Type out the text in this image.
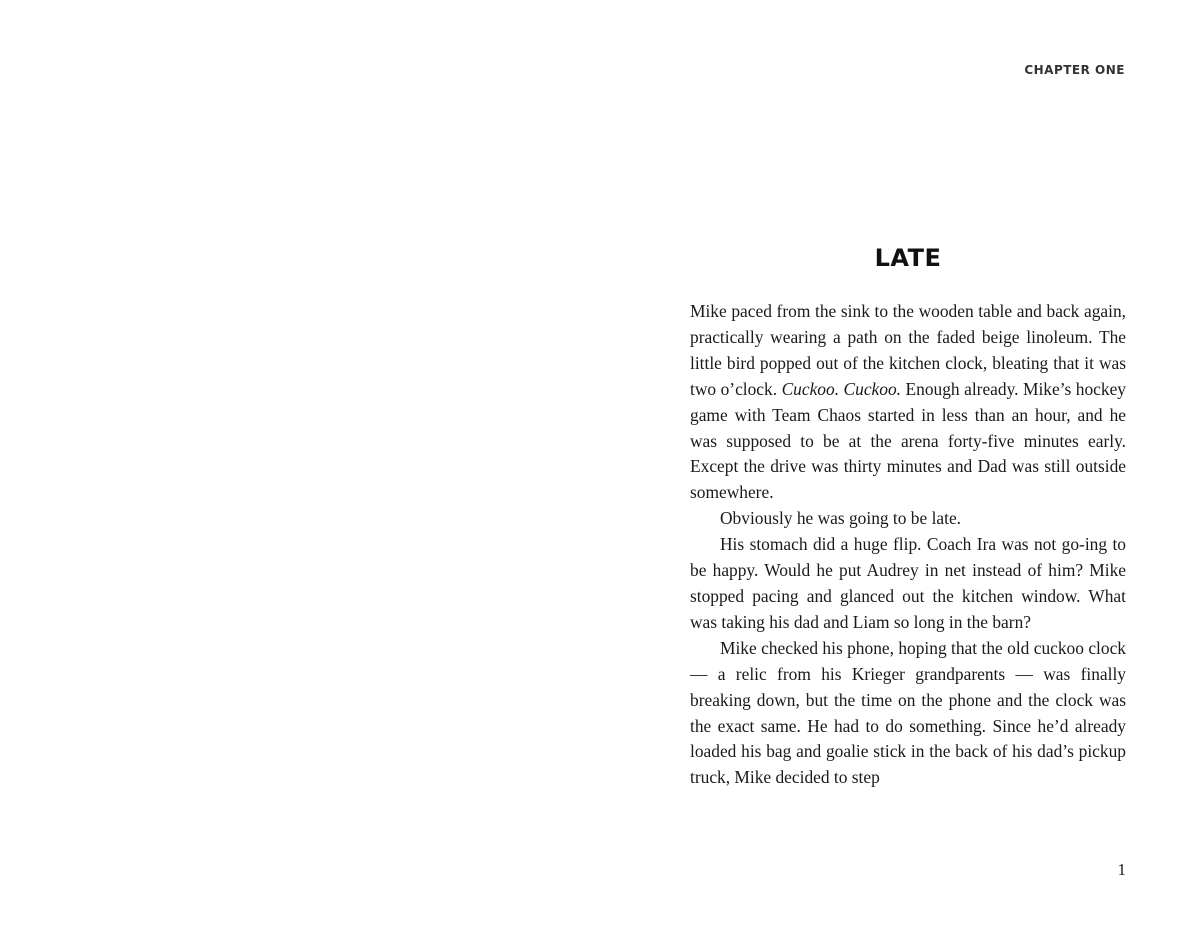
CHAPTER ONE
LATE

Mike paced from the sink to the wooden table and back again, practically wearing a path on the faded beige linoleum. The little bird popped out of the kitchen clock, bleating that it was two o’clock. Cuckoo. Cuckoo. Enough already. Mike’s hockey game with Team Chaos started in less than an hour, and he was supposed to be at the arena forty-five minutes early. Except the drive was thirty minutes and Dad was still outside somewhere.

Obviously he was going to be late.

His stomach did a huge flip. Coach Ira was not go-ing to be happy. Would he put Audrey in net instead of him? Mike stopped pacing and glanced out the kitchen window. What was taking his dad and Liam so long in the barn?

Mike checked his phone, hoping that the old cuckoo clock — a relic from his Krieger grandparents — was finally breaking down, but the time on the phone and the clock was the exact same. He had to do something. Since he’d already loaded his bag and goalie stick in the back of his dad’s pickup truck, Mike decided to step

1
